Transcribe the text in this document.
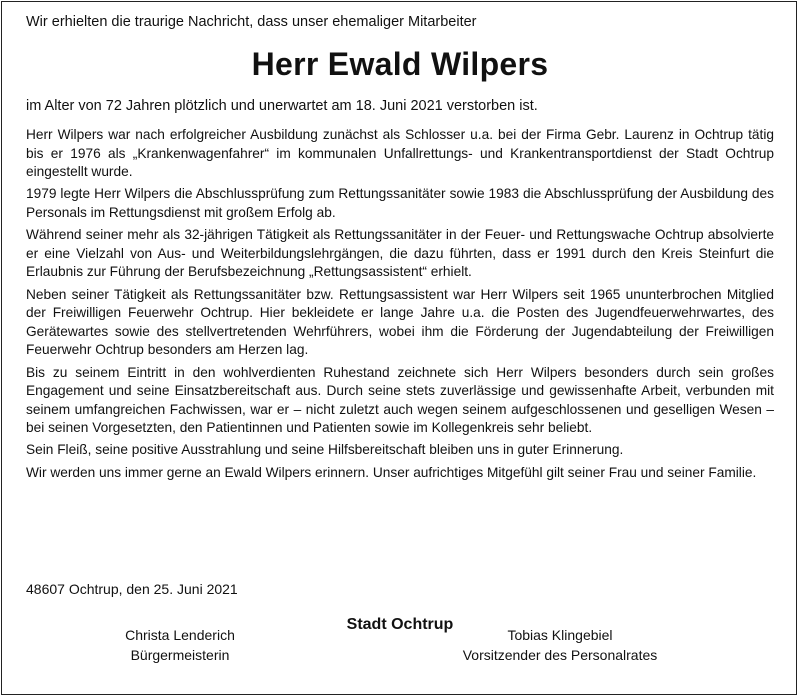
Wir erhielten die traurige Nachricht, dass unser ehemaliger Mitarbeiter
Herr Ewald Wilpers
im Alter von 72 Jahren plötzlich und unerwartet am 18. Juni 2021 verstorben ist.
Herr Wilpers war nach erfolgreicher Ausbildung zunächst als Schlosser u.a. bei der Firma Gebr. Laurenz in Ochtrup tätig bis er 1976 als „Krankenwagenfahrer“ im kommunalen Unfallrettungs- und Krankentransportdienst der Stadt Ochtrup eingestellt wurde.
1979 legte Herr Wilpers die Abschlussprüfung zum Rettungssanitäter sowie 1983 die Abschlussprüfung der Ausbildung des Personals im Rettungsdienst mit großem Erfolg ab.
Während seiner mehr als 32-jährigen Tätigkeit als Rettungssanitäter in der Feuer- und Rettungswache Ochtrup absolvierte er eine Vielzahl von Aus- und Weiterbildungslehrgängen, die dazu führten, dass er 1991 durch den Kreis Steinfurt die Erlaubnis zur Führung der Berufsbezeichnung „Rettungsassistent“ erhielt.
Neben seiner Tätigkeit als Rettungssanitäter bzw. Rettungsassistent war Herr Wilpers seit 1965 ununterbrochen Mitglied der Freiwilligen Feuerwehr Ochtrup. Hier bekleidete er lange Jahre u.a. die Posten des Jugendfeuerwehrwartes, des Gerätewartes sowie des stellvertretenden Wehrführers, wobei ihm die Förderung der Jugendabteilung der Freiwilligen Feuerwehr Ochtrup besonders am Herzen lag.
Bis zu seinem Eintritt in den wohlverdienten Ruhestand zeichnete sich Herr Wilpers besonders durch sein großes Engagement und seine Einsatzbereitschaft aus. Durch seine stets zuverlässige und gewissenhafte Arbeit, verbunden mit seinem umfangreichen Fachwissen, war er – nicht zuletzt auch wegen seinem aufgeschlossenen und geselligen Wesen – bei seinen Vorgesetzten, den Patientinnen und Patienten sowie im Kollegenkreis sehr beliebt.
Sein Fleiß, seine positive Ausstrahlung und seine Hilfsbereitschaft bleiben uns in guter Erinnerung.
Wir werden uns immer gerne an Ewald Wilpers erinnern. Unser aufrichtiges Mitgefühl gilt seiner Frau und seiner Familie.
48607 Ochtrup, den 25. Juni 2021
Stadt Ochtrup
Christa Lenderich
Bürgermeisterin
Tobias Klingebiel
Vorsitzender des Personalrates
